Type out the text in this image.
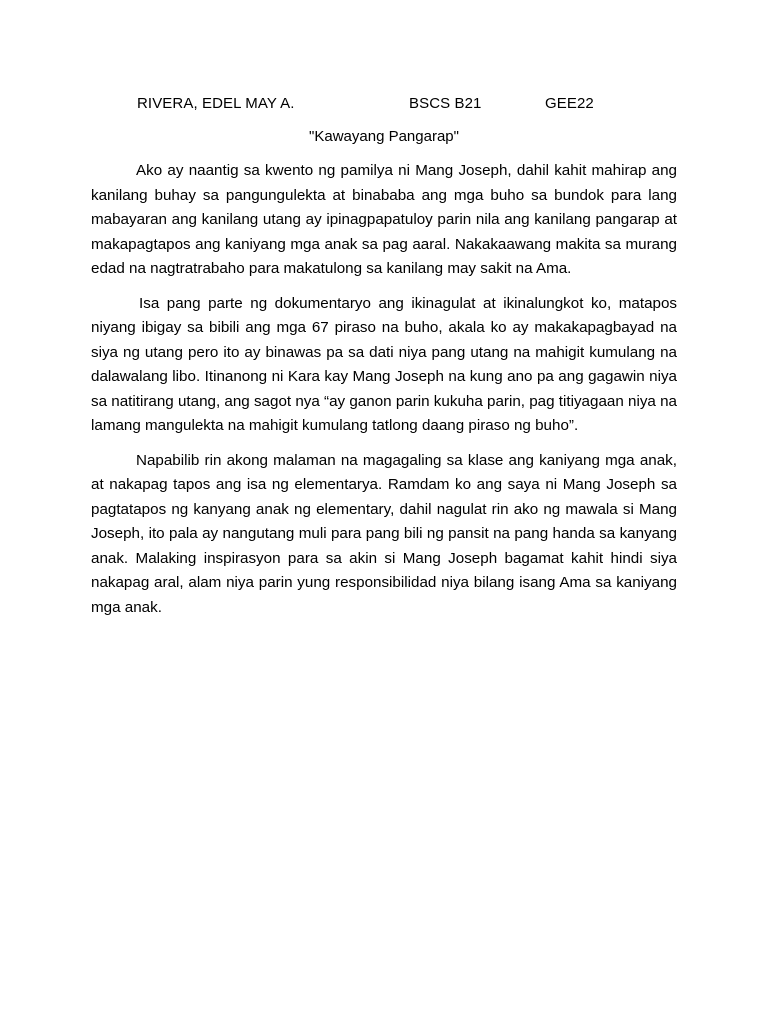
RIVERA, EDEL MAY A.	BSCS B21	GEE22
"Kawayang Pangarap"

Ako ay naantig sa kwento ng pamilya ni Mang Joseph, dahil kahit mahirap ang kanilang buhay sa pangungulekta at binababa ang mga buho sa bundok para lang mabayaran ang kanilang utang ay ipinagpapatuloy parin nila ang kanilang pangarap at makapagtapos ang kaniyang mga anak sa pag aaral. Nakakaawang makita sa murang edad na nagtratrabaho para makatulong sa kanilang may sakit na Ama.

Isa pang parte ng dokumentaryo ang ikinagulat at ikinalungkot ko, matapos niyang ibigay sa bibili ang mga 67 piraso na buho, akala ko ay makakapagbayad na siya ng utang pero ito ay binawas pa sa dati niya pang utang na mahigit kumulang na dalawalang libo. Itinanong ni Kara kay Mang Joseph na kung ano pa ang gagawin niya sa natitirang utang, ang sagot nya “ay ganon parin kukuha parin, pag titiyagaan niya na lamang mangulekta na mahigit kumulang tatlong daang piraso ng buho”.

Napabilib rin akong malaman na magagaling sa klase ang kaniyang mga anak, at nakapag tapos ang isa ng elementarya. Ramdam ko ang saya ni Mang Joseph sa pagtatapos ng kanyang anak ng elementary, dahil nagulat rin ako ng mawala si Mang Joseph, ito pala ay nangutang muli para pang bili ng pansit na pang handa sa kanyang anak. Malaking inspirasyon para sa akin si Mang Joseph bagamat kahit hindi siya nakapag aral, alam niya parin yung responsibilidad niya bilang isang Ama sa kaniyang mga anak.
